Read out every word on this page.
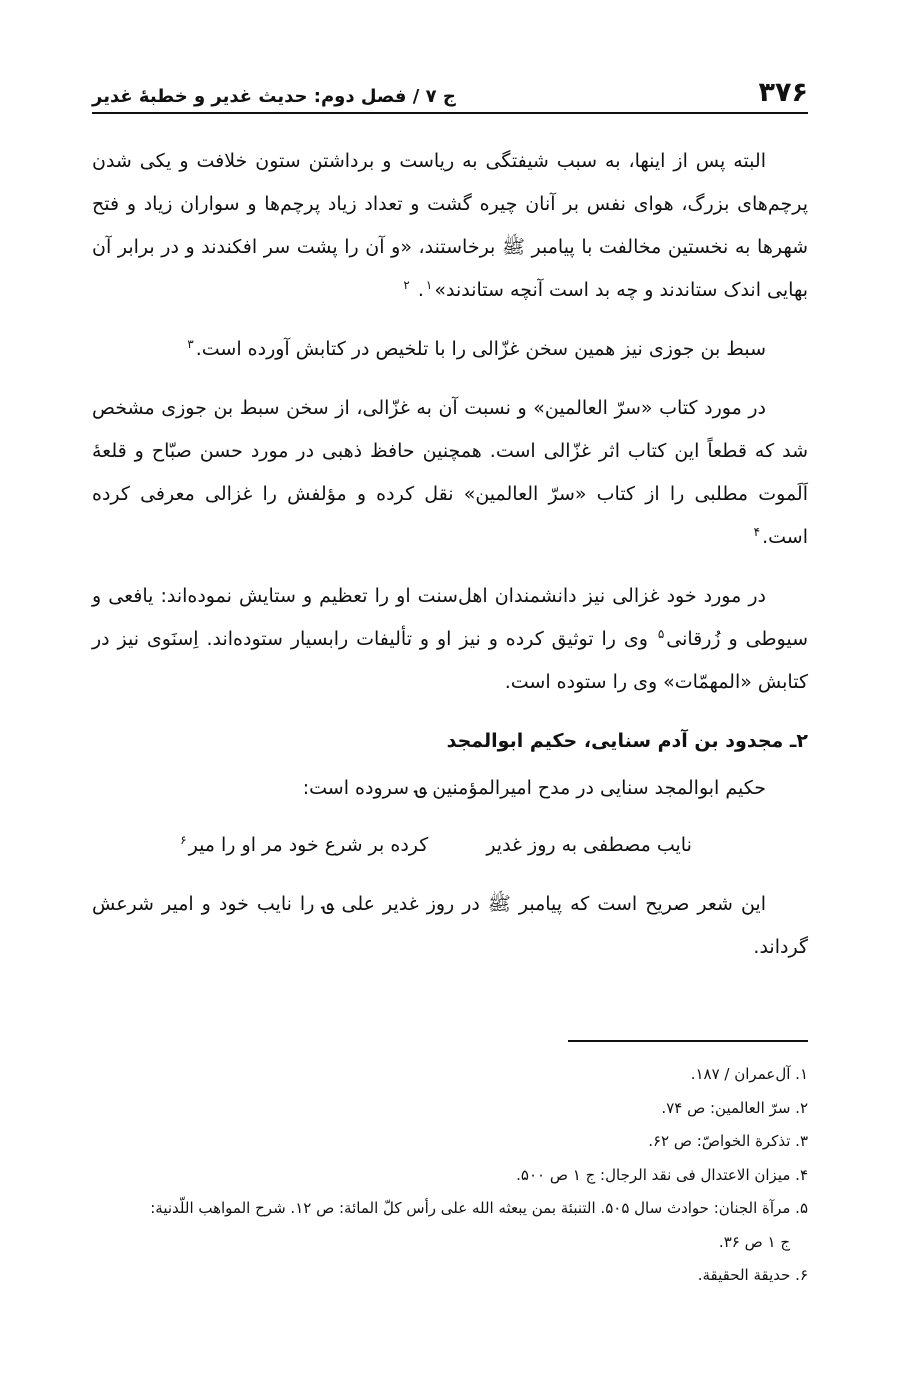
۳۷۶
ج ۷ / فصل دوم: حدیث غدیر و خطبهٔ غدیر

البته پس از اینها، به سبب شیفتگی به ریاست و برداشتن ستون خلافت و یکی شدن پرچم‌های بزرگ، هوای نفس بر آنان چیره گشت و تعداد زیاد پرچم‌ها و سواران زیاد و فتح شهرها به نخستین مخالفت با پیامبر ﷺ برخاستند، «و آن را پشت سر افکندند و در برابر آن بهایی اندک ستاندند و چه بد است آنچه ستاندند»$^۱$. $^۲$

سبط بن جوزی نیز همین سخن غزّالی را با تلخیص در کتابش آورده است.$^۳$

در مورد کتاب «سرّ العالمین» و نسبت آن به غزّالی، از سخن سبط بن جوزی مشخص شد که قطعاً این کتاب اثر غزّالی است. همچنین حافظ ذهبی در مورد حسن صبّاح و قلعهٔ اَلَموت مطلبی را از کتاب «سرّ العالمین» نقل کرده و مؤلفش را غزالی معرفی کرده است.$^۴$

در مورد خود غزالی نیز دانشمندان اهل‌سنت او را تعظیم و ستایش نموده‌اند: یافعی و سیوطی و زُرقانی$^۵$ وی را توثیق کرده و نیز او و تألیفات رابسیار ستوده‌اند. اِسنَوی نیز در کتابش «المهمّات» وی را ستوده است.

۲ـ مجدود بن آدم سنایی، حکیم ابوالمجد

حکیم ابوالمجد سنایی در مدح امیرالمؤمنین ؈ سروده است:

نایب مصطفی به روز غدیر
کرده بر شرع خود مر او را میر$^۶$

این شعر صریح است که پیامبر ﷺ در روز غدیر علی ؈ را نایب خود و امیر شرعش گرداند.

۱. آل‌عمران / ۱۸۷.

۲. سرّ العالمین: ص ۷۴.

۳. تذکرة الخواصّ: ص ۶۲.

۴. میزان الاعتدال فی نقد الرجال: ج ۱ ص ۵۰۰.

۵. مرآة الجنان: حوادث سال ۵۰۵. التنبئة بمن یبعثه الله علی رأس کلّ المائة: ص ۱۲. شرح المواهب اللّدنیة:

ج ۱ ص ۳۶.

۶. حدیقة الحقیقة.
